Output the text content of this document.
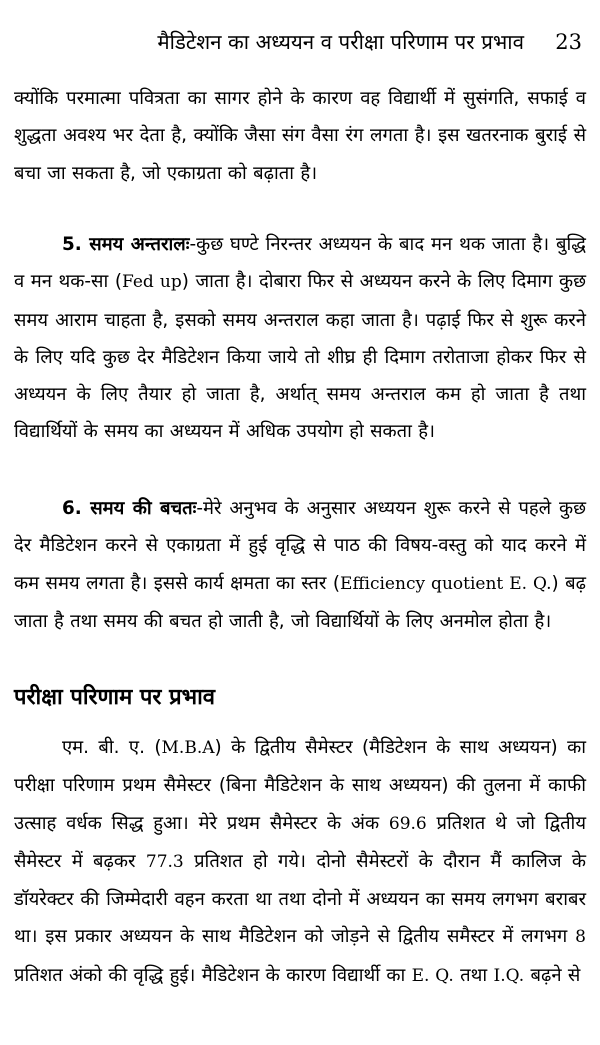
मैडिटेशन का अध्ययन व परीक्षा परिणाम पर प्रभाव 23

क्योंकि परमात्मा पवित्रता का सागर होने के कारण वह विद्यार्थी में सुसंगति, सफाई व शुद्धता अवश्य भर देता है, क्योंकि जैसा संग वैसा रंग लगता है। इस खतरनाक बुराई से बचा जा सकता है, जो एकाग्रता को बढ़ाता है।

5. समय अन्तरालः-कुछ घण्टे निरन्तर अध्ययन के बाद मन थक जाता है। बुद्धि व मन थक-सा (Fed up) जाता है। दोबारा फिर से अध्ययन करने के लिए दिमाग कुछ समय आराम चाहता है, इसको समय अन्तराल कहा जाता है। पढ़ाई फिर से शुरू करने के लिए यदि कुछ देर मैडिटेशन किया जाये तो शीघ्र ही दिमाग तरोताजा होकर फिर से अध्ययन के लिए तैयार हो जाता है, अर्थात् समय अन्तराल कम हो जाता है तथा विद्यार्थियों के समय का अध्ययन में अधिक उपयोग हो सकता है।

6. समय की बचतः-मेरे अनुभव के अनुसार अध्ययन शुरू करने से पहले कुछ देर मैडिटेशन करने से एकाग्रता में हुई वृद्धि से पाठ की विषय-वस्तु को याद करने में कम समय लगता है। इससे कार्य क्षमता का स्तर (Efficiency quotient E. Q.) बढ़ जाता है तथा समय की बचत हो जाती है, जो विद्यार्थियों के लिए अनमोल होता है।

परीक्षा परिणाम पर प्रभाव

एम. बी. ए. (M.B.A) के द्वितीय सैमेस्टर (मैडिटेशन के साथ अध्ययन) का परीक्षा परिणाम प्रथम सैमेस्टर (बिना मैडिटेशन के साथ अध्ययन) की तुलना में काफी उत्साह वर्धक सिद्ध हुआ। मेरे प्रथम सैमेस्टर के अंक 69.6 प्रतिशत थे जो द्वितीय सैमेस्टर में बढ़कर 77.3 प्रतिशत हो गये। दोनो सैमेस्टरों के दौरान मैं कालिज के डॉयरेक्टर की जिम्मेदारी वहन करता था तथा दोनो में अध्ययन का समय लगभग बराबर था। इस प्रकार अध्ययन के साथ मैडिटेशन को जोड़ने से द्वितीय समैस्टर में लगभग 8 प्रतिशत अंको की वृद्धि हुई। मैडिटेशन के कारण विद्यार्थी का E. Q. तथा I.Q. बढ़ने से
